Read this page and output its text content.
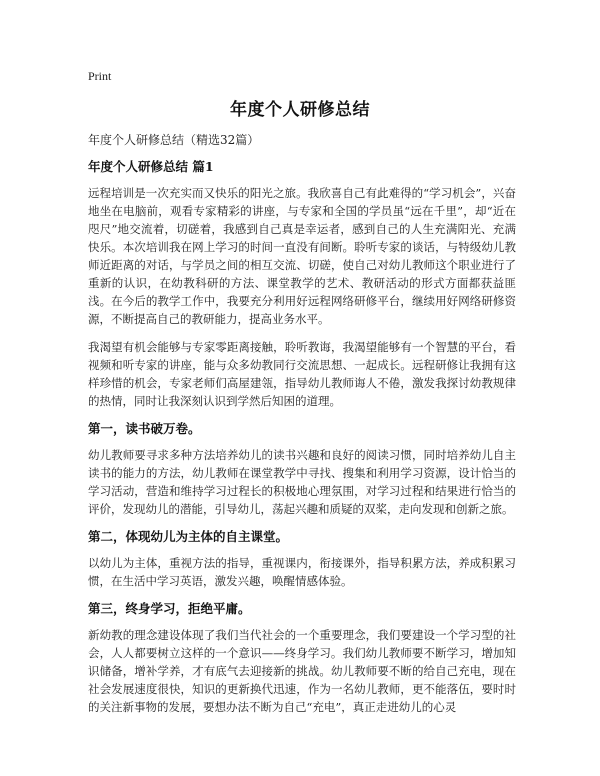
Print
年度个人研修总结
年度个人研修总结（精选32篇）
年度个人研修总结 篇1
远程培训是一次充实而又快乐的阳光之旅。我欣喜自己有此难得的“学习机会”，兴奋地坐在电脑前，观看专家精彩的讲座，与专家和全国的学员虽“远在千里”，却“近在咫尺”地交流着，切磋着，我感到自己真是幸运者，感到自己的人生充满阳光、充满快乐。本次培训我在网上学习的时间一直没有间断。聆听专家的谈话，与特级幼儿教师近距离的对话，与学员之间的相互交流、切磋，使自己对幼儿教师这个职业进行了重新的认识，在幼教科研的方法、课堂教学的艺术、教研活动的形式方面都获益匪浅。在今后的教学工作中，我要充分利用好远程网络研修平台，继续用好网络研修资源，不断提高自己的教研能力，提高业务水平。
我渴望有机会能够与专家零距离接触，聆听教诲，我渴望能够有一个智慧的平台，看视频和听专家的讲座，能与众多幼教同行交流思想、一起成长。远程研修让我拥有这样珍惜的机会，专家老师们高屋建瓴，指导幼儿教师诲人不倦，激发我探讨幼教规律的热情，同时让我深刻认识到学然后知困的道理。
第一，读书破万卷。
幼儿教师要寻求多种方法培养幼儿的读书兴趣和良好的阅读习惯，同时培养幼儿自主读书的能力的方法，幼儿教师在课堂教学中寻找、搜集和利用学习资源，设计恰当的学习活动，营造和维持学习过程长的积极地心理氛围，对学习过程和结果进行恰当的评价，发现幼儿的潜能，引导幼儿，荡起兴趣和质疑的双桨，走向发现和创新之旅。
第二，体现幼儿为主体的自主课堂。
以幼儿为主体，重视方法的指导，重视课内，衔接课外，指导积累方法，养成积累习惯，在生活中学习英语，激发兴趣，唤醒情感体验。
第三，终身学习，拒绝平庸。
新幼教的理念建设体现了我们当代社会的一个重要理念，我们要建设一个学习型的社会，人人都要树立这样的一个意识——终身学习。我们幼儿教师要不断学习，增加知识储备，增补学养，才有底气去迎接新的挑战。幼儿教师要不断的给自己充电，现在社会发展速度很快，知识的更新换代迅速，作为一名幼儿教师，更不能落伍，要时时的关注新事物的发展，要想办法不断为自己“充电”，真正走进幼儿的心灵
